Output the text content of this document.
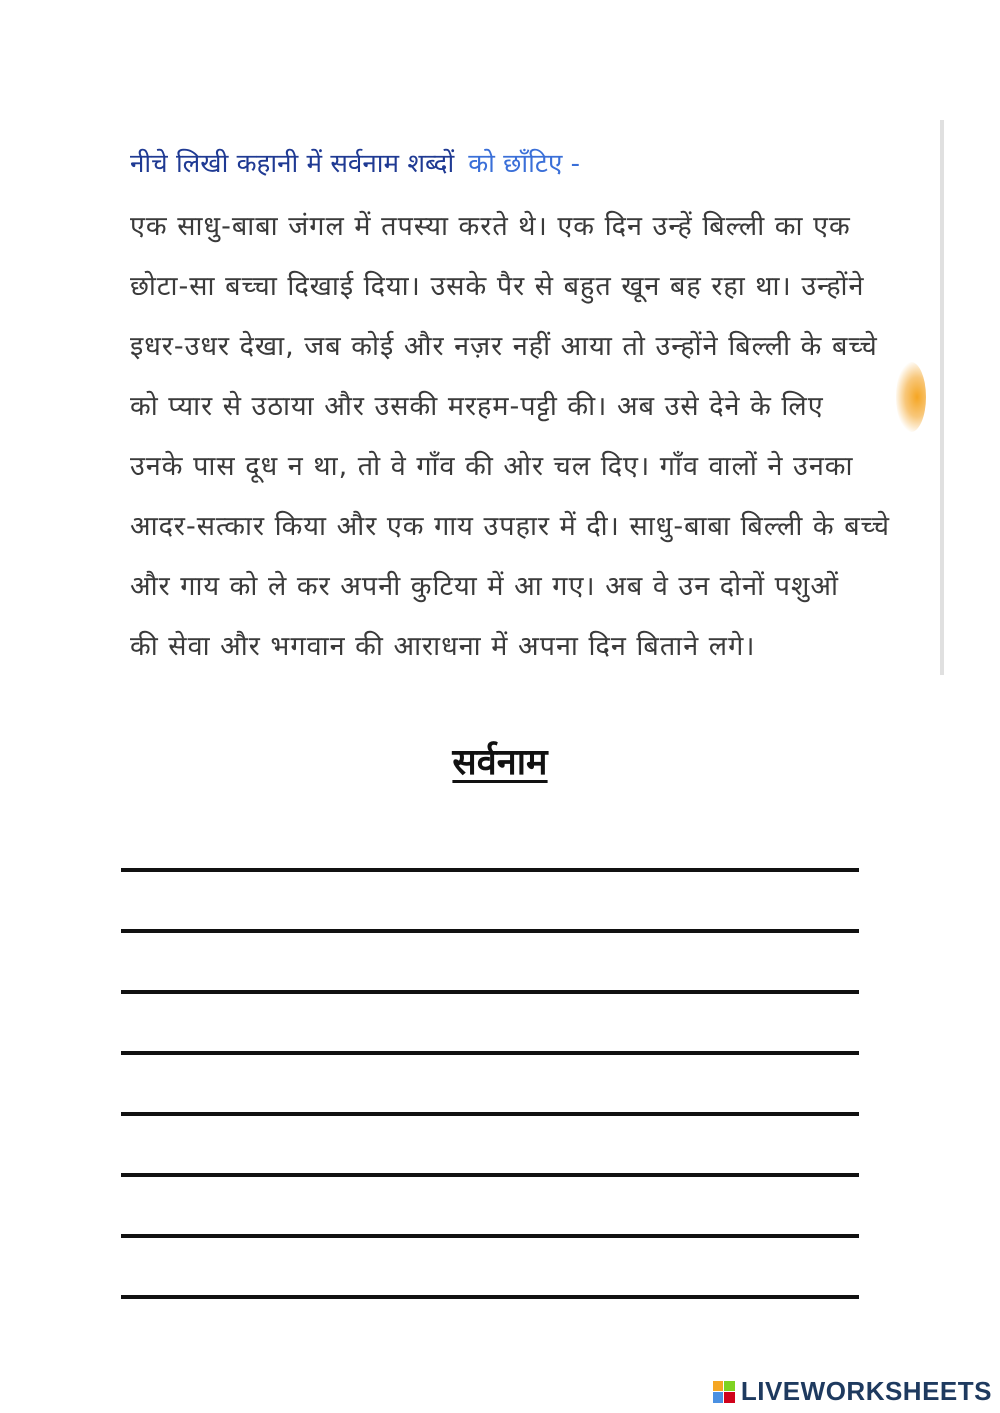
नीचे लिखी कहानी में सर्वनाम शब्दों को छाँटिए -
एक साधु-बाबा जंगल में तपस्या करते थे। एक दिन उन्हें बिल्ली का एक
छोटा-सा बच्चा दिखाई दिया। उसके पैर से बहुत खून बह रहा था। उन्होंने
इधर-उधर देखा, जब कोई और नज़र नहीं आया तो उन्होंने बिल्ली के बच्चे
को प्यार से उठाया और उसकी मरहम-पट्टी की। अब उसे देने के लिए
उनके पास दूध न था, तो वे गाँव की ओर चल दिए। गाँव वालों ने उनका
आदर-सत्कार किया और एक गाय उपहार में दी। साधु-बाबा बिल्ली के बच्चे
और गाय को ले कर अपनी कुटिया में आ गए। अब वे उन दोनों पशुओं
की सेवा और भगवान की आराधना में अपना दिन बिताने लगे।
सर्वनाम
LIVEWORKSHEETS
